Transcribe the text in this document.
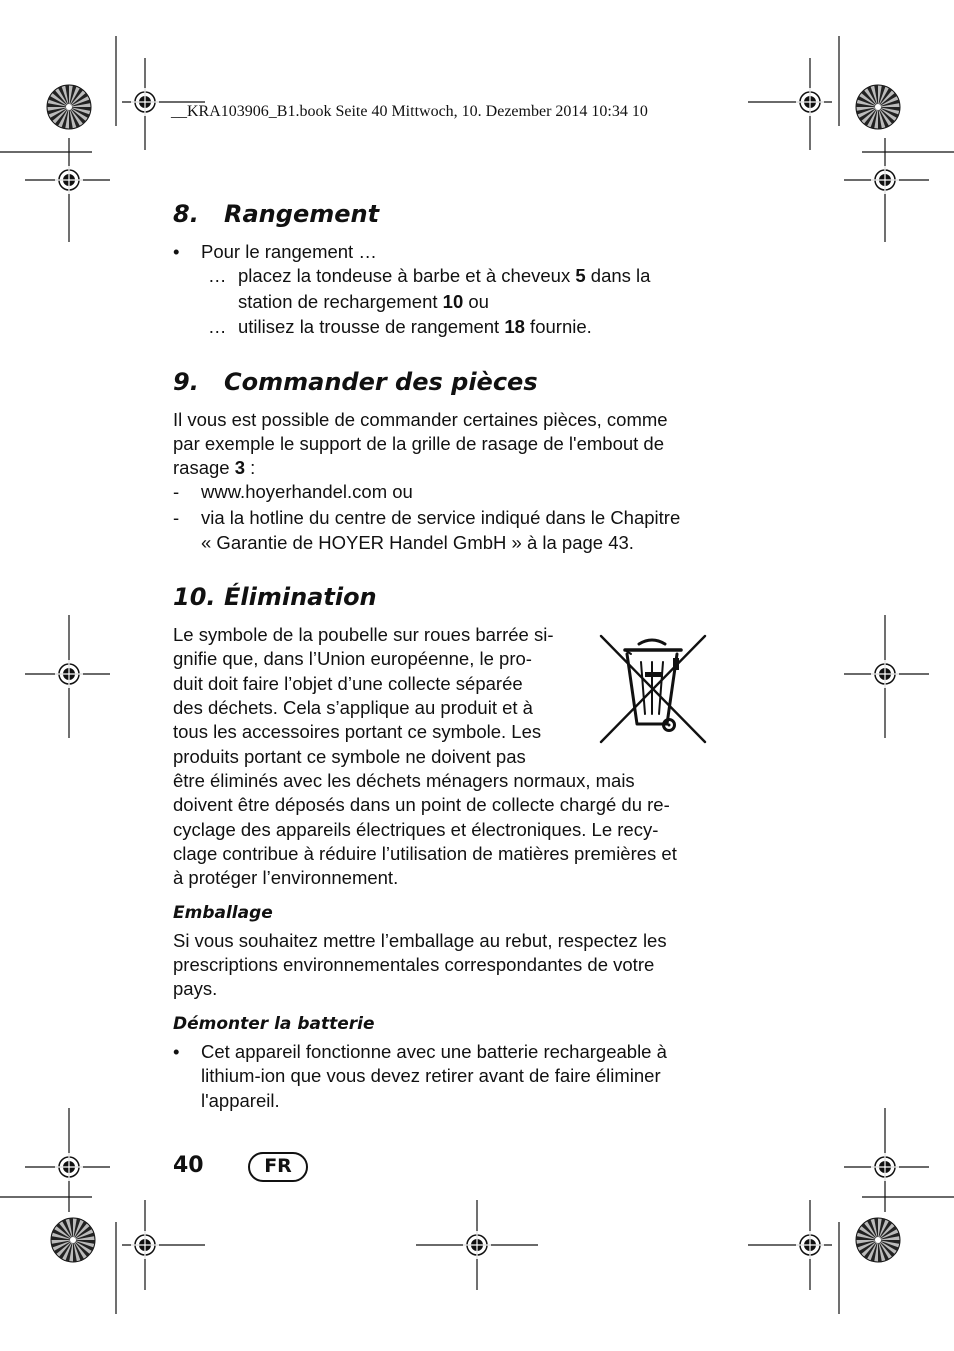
__KRA103906_B1.book Seite 40 Mittwoch, 10. Dezember 2014 10:34 10
8. Rangement
• Pour le rangement …
… placez la tondeuse à barbe et à cheveux 5 dans la
station de rechargement 10 ou
… utilisez la trousse de rangement 18 fournie.
9. Commander des pièces
Il vous est possible de commander certaines pièces, comme
par exemple le support de la grille de rasage de l'embout de
rasage 3 :
- www.hoyerhandel.com ou
- via la hotline du centre de service indiqué dans le Chapitre
« Garantie de HOYER Handel GmbH » à la page 43.
10. Élimination
Le symbole de la poubelle sur roues barrée si-
gnifie que, dans l’Union européenne, le pro-
duit doit faire l’objet d’une collecte séparée
des déchets. Cela s’applique au produit et à
tous les accessoires portant ce symbole. Les
produits portant ce symbole ne doivent pas
être éliminés avec les déchets ménagers normaux, mais
doivent être déposés dans un point de collecte chargé du re-
cyclage des appareils électriques et électroniques. Le recy-
clage contribue à réduire l’utilisation de matières premières et
à protéger l’environnement.
Emballage
Si vous souhaitez mettre l’emballage au rebut, respectez les
prescriptions environnementales correspondantes de votre
pays.
Démonter la batterie
• Cet appareil fonctionne avec une batterie rechargeable à
lithium-ion que vous devez retirer avant de faire éliminer
l'appareil.
40	FR
